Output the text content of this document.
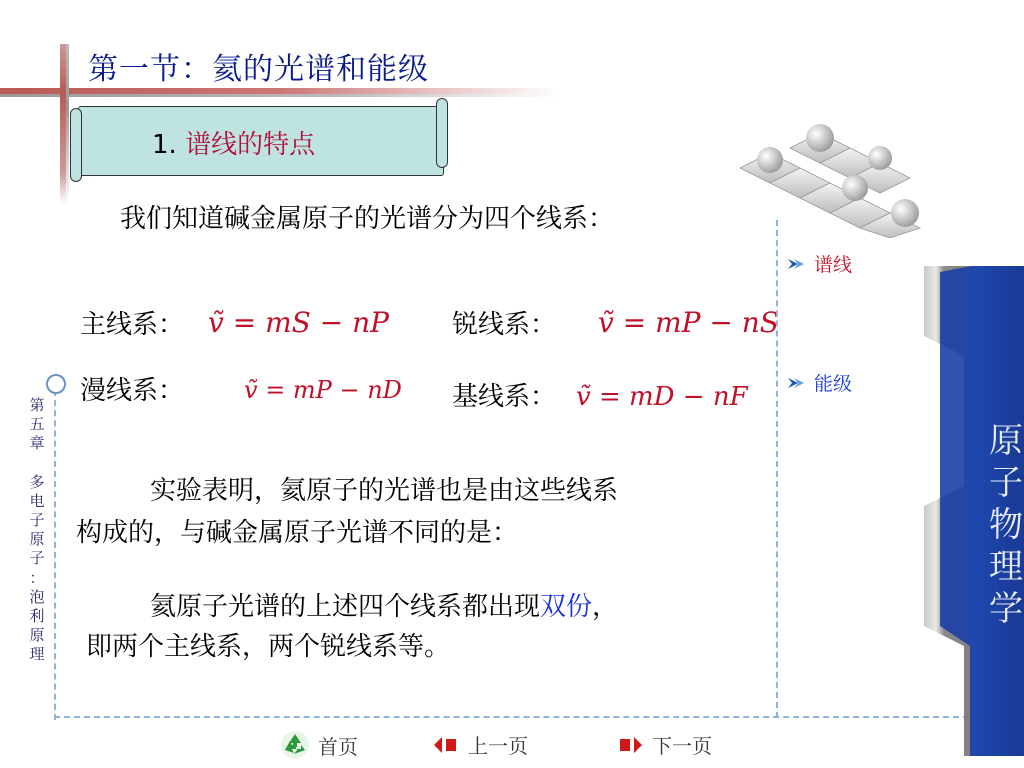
第一节：氦的光谱和能级
1. 谱线的特点
我们知道碱金属原子的光谱分为四个线系：
主线系： ṽ = mS − nP 锐线系： ṽ = mP − nS
漫线系： ṽ = mP − nD 基线系： ṽ = mD − nF
实验表明，氦原子的光谱也是由这些线系
构成的，与碱金属原子光谱不同的是：
氦原子光谱的上述四个线系都出现双份，
即两个主线系，两个锐线系等。
第
五
章
多
电
子
原
子
：
泡
利
原
理
谱线
能级
原
子
物
理
学
首页	上一页	下一页
